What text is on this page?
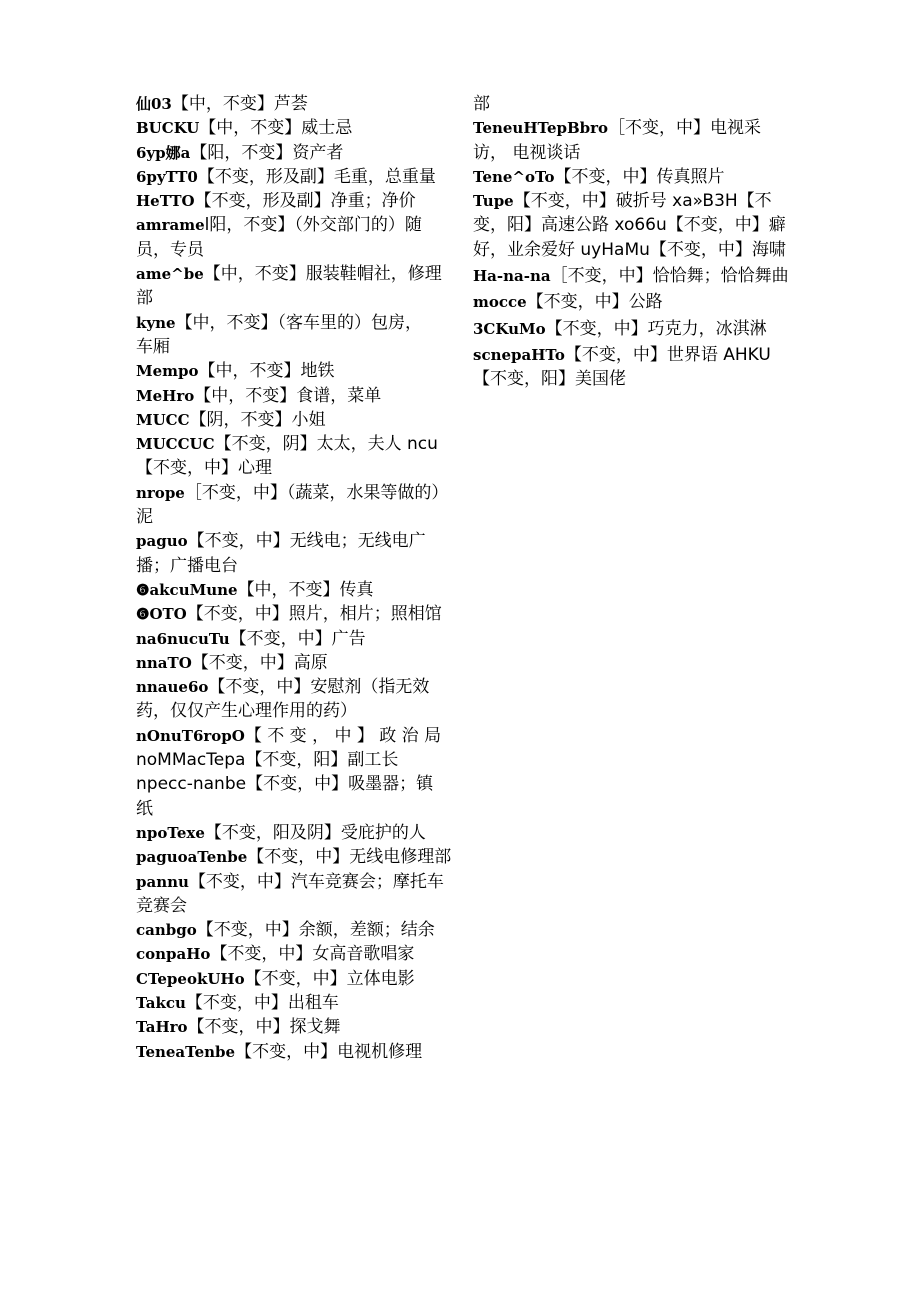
仙03【中，不变】芦荟

BUCKU【中，不变】威士忌

6yp娜a【阳，不变】资产者

6pyTT0【不变，形及副】毛重，总重量

HeTTO【不变，形及副】净重；净价

amramel阳，不变】（外交部门的）随员，专员

ame^be【中，不变】服装鞋帽社，修理部

kyne【中，不变】（客车里的）包房，
车厢

Mempo【中，不变】地铁

MeHro【中，不变】食谱，菜单

MUCC【阴，不变】小姐

MUCCUC【不变，阴】太太，夫人 ncu【不变，中】心理

nrope［不变，中】（蔬菜，水果等做的） 泥

paguo【不变，中】无线电；无线电广播；广播电台

❻akcuMune【中，不变】传真

❻OTO【不变，中】照片，相片；照相馆

na6nucuTu【不变，中】广告

nnaTO【不变，中】高原

nnaue6o【不变，中】安慰剂（指无效药，仅仅产生心理作用的药）

nOnuT6ropO【 不 变 ， 中 】 政 治 局 noMMacTepa【不变，阳】副工长 npecc-nanbe【不变，中】吸墨器；镇 纸

npoTexe【不变，阳及阴】受庇护的人

paguoaTenbe【不变，中】无线电修理部

pannu【不变，中】汽车竞赛会；摩托车竞赛会

canbgo【不变，中】余额，差额；结余

conpaHo【不变，中】女高音歌唱家

CTepeokUHo【不变，中】立体电影

Takcu【不变，中】出租车

TaHro【不变，中】探戈舞

TeneaTenbe【不变，中】电视机修理

部

TeneuHTepBbro［不变，中】电视采访， 电视谈话

Tene^oTo【不变，中】传真照片

Tupe【不变，中】破折号 xa»B3H【不变，阳】高速公路 xo66u【不变，中】癖好，业余爱好 uyHaMu【不变，中】海啸

Ha-na-na［不变，中】恰恰舞；恰恰舞曲

mocce【不变，中】公路

3CKuMo【不变，中】巧克力，冰淇淋

scnepaHTo【不变，中】世界语 AHKU【不变，阳】美国佬
